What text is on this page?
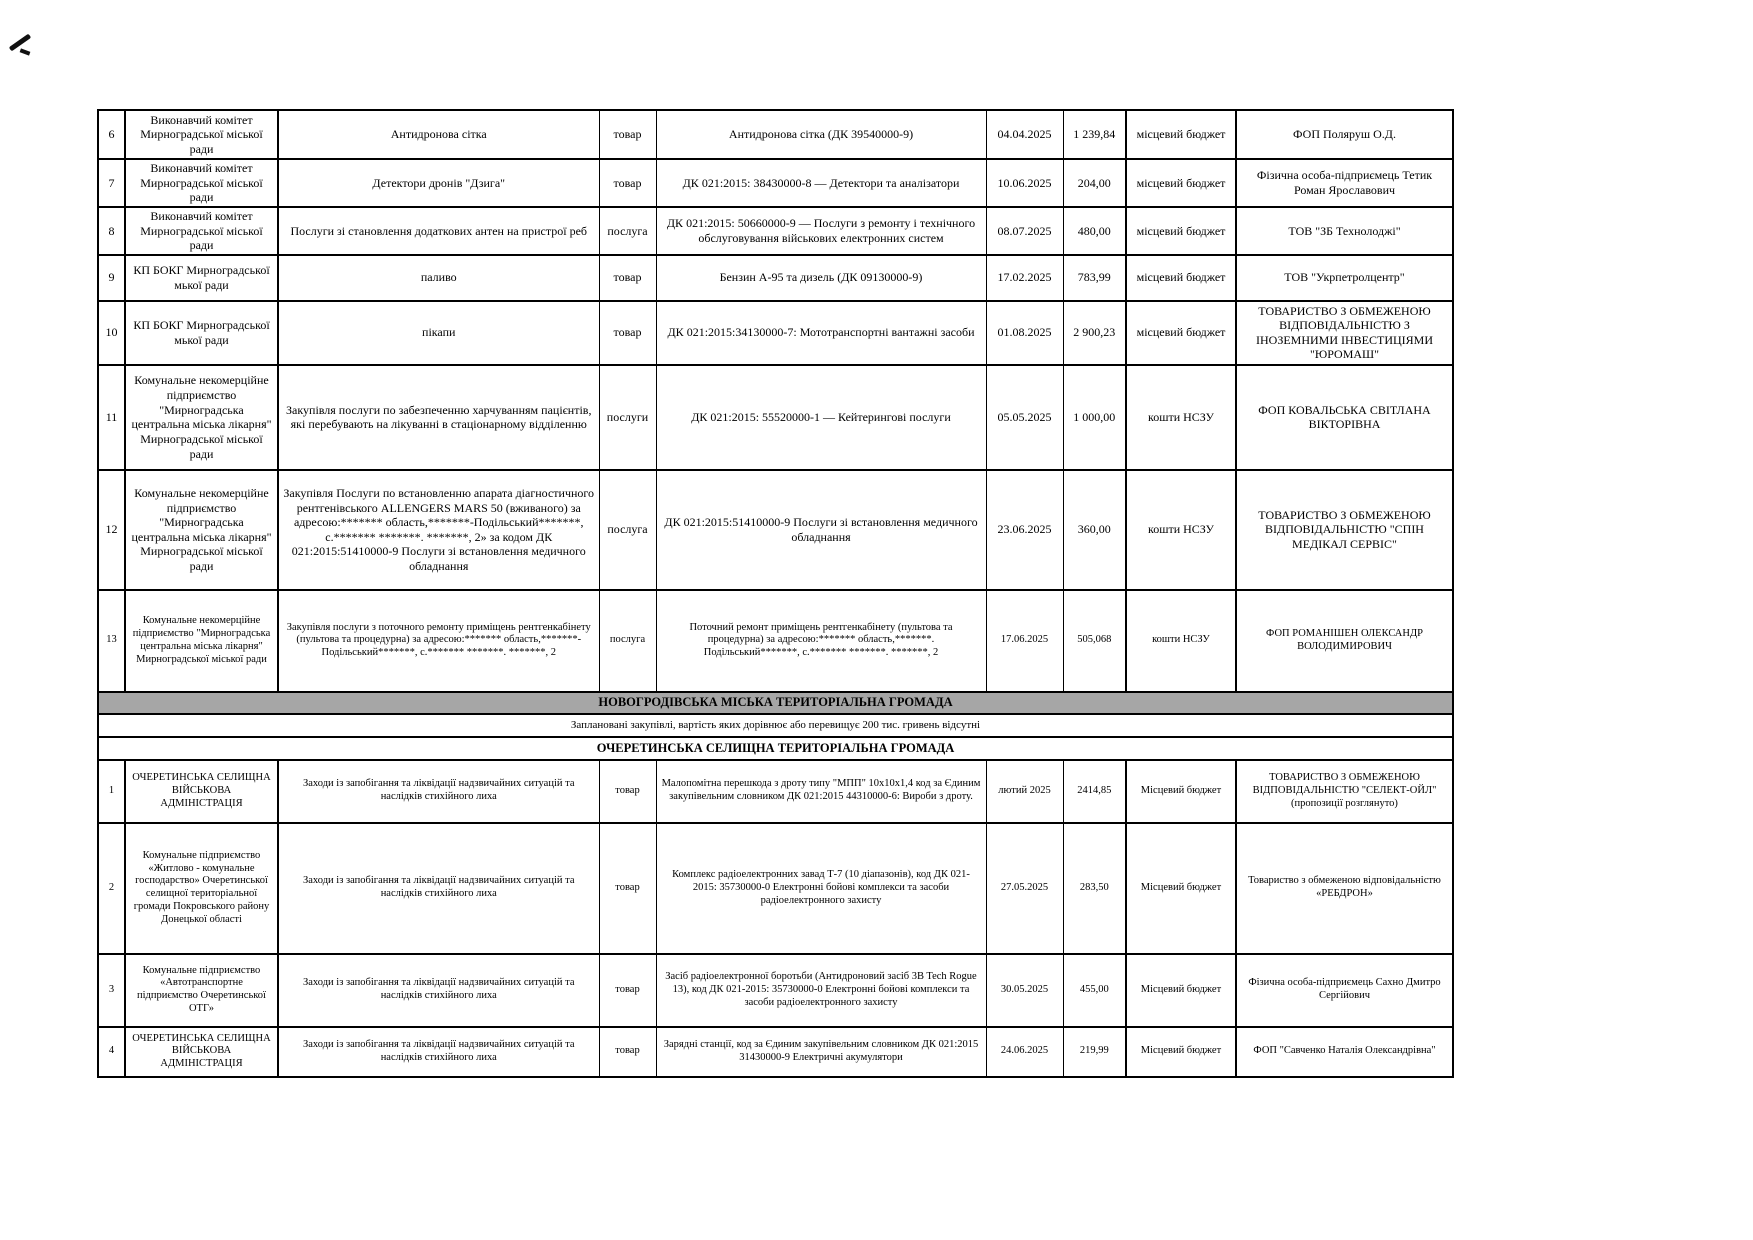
6	Виконавчий комітет Мирноградської міської ради	Антидронова сітка	товар	Антидронова сітка (ДК 39540000-9)	04.04.2025	1 239,84	місцевий бюджет	ФОП Поляруш О.Д.
7	Виконавчий комітет Мирноградської міської ради	Детектори дронів "Дзига"	товар	ДК 021:2015: 38430000-8 — Детектори та аналізатори	10.06.2025	204,00	місцевий бюджет	Фізична особа-підприємець Тетик Роман Ярославович
8	Виконавчий комітет Мирноградської міської ради	Послуги зі становлення додаткових антен на пристрої реб	послуга	ДК 021:2015: 50660000-9 — Послуги з ремонту і технічного обслуговування військових електронних систем	08.07.2025	480,00	місцевий бюджет	ТОВ "ЗБ Технолоджі"
9	КП БОКГ Мирноградської мької ради	паливо	товар	Бензин А-95 та дизель (ДК 09130000-9)	17.02.2025	783,99	місцевий бюджет	ТОВ "Укрпетролцентр"
10	КП БОКГ Мирноградської мької ради	пікапи	товар	ДК 021:2015:34130000-7: Мототранспортні вантажні засоби	01.08.2025	2 900,23	місцевий бюджет	ТОВАРИСТВО З ОБМЕЖЕНОЮ ВІДПОВІДАЛЬНІСТЮ З ІНОЗЕМНИМИ ІНВЕСТИЦІЯМИ "ЮРОМАШ"
11	Комунальне некомерційне підприємство "Мирноградська центральна міська лікарня" Мирноградської міської ради	Закупівля послуги по забезпеченню харчуванням пацієнтів, які перебувають на лікуванні в стаціонарному відділенню	послуги	ДК 021:2015: 55520000-1 — Кейтерингові послуги	05.05.2025	1 000,00	кошти НСЗУ	ФОП КОВАЛЬСЬКА СВІТЛАНА ВІКТОРІВНА
12	Комунальне некомерційне підприємство "Мирноградська центральна міська лікарня" Мирноградської міської ради	Закупівля Послуги по встановленню апарата діагностичного рентгенівського ALLENGERS MARS 50 (вживаного) за адресою:******* область,*******-Подільський*******, с.******* *******. *******, 2» за кодом ДК 021:2015:51410000-9 Послуги зі встановлення медичного обладнання	послуга	ДК 021:2015:51410000-9 Послуги зі встановлення медичного обладнання	23.06.2025	360,00	кошти НСЗУ	ТОВАРИСТВО З ОБМЕЖЕНОЮ ВІДПОВІДАЛЬНІСТЮ "СПІН МЕДІКАЛ СЕРВІС"
13	Комунальне некомерційне підприємство "Мирноградська центральна міська лікарня" Мирноградської міської ради	Закупівля послуги з поточного ремонту приміщень рентгенкабінету (пультова та процедурна) за адресою:******* область,*******-Подільський*******, с.******* *******. *******, 2	послуга	Поточний ремонт приміщень рентгенкабінету (пультова та процедурна) за адресою:******* область,*******. Подільський*******, с.******* *******. *******, 2	17.06.2025	505,068	кошти НСЗУ	ФОП РОМАНІШЕН ОЛЕКСАНДР ВОЛОДИМИРОВИЧ
НОВОГРОДІВСЬКА МІСЬКА ТЕРИТОРІАЛЬНА ГРОМАДА								
Заплановані закупівлі, вартість яких дорівнює або перевищує 200 тис. гривень відсутні								
ОЧЕРЕТИНСЬКА СЕЛИЩНА ТЕРИТОРІАЛЬНА ГРОМАДА								
1	ОЧЕРЕТИНСЬКА СЕЛИЩНА ВІЙСЬКОВА АДМІНІСТРАЦІЯ	Заходи із запобігання та ліквідації надзвичайних ситуацій та наслідків стихійного лиха	товар	Малопомітна перешкода з дроту типу "МПП" 10х10х1,4 код за Єдиним закупівельним словником ДК 021:2015 44310000-6: Вироби з дроту.	лютий 2025	2414,85	Місцевий бюджет	ТОВАРИСТВО З ОБМЕЖЕНОЮ ВІДПОВІДАЛЬНІСТЮ "СЕЛЕКТ-ОЙЛ" (пропозиції розглянуто)
2	Комунальне підприємство «Житлово - комунальне господарство» Очеретинської селищної територіальної громади Покровського району Донецької області	Заходи із запобігання та ліквідації надзвичайних ситуацій та наслідків стихійного лиха	товар	Комплекс радіоелектронних завад Т-7 (10 діапазонів), код ДК 021-2015: 35730000-0 Електронні бойові комплекси та засоби радіоелектронного захисту	27.05.2025	283,50	Місцевий бюджет	Товариство з обмеженою відповідальністю «РЕБДРОН»
3	Комунальне підприємство «Автотранспортне підприємство Очеретинської ОТГ»	Заходи із запобігання та ліквідації надзвичайних ситуацій та наслідків стихійного лиха	товар	Засіб радіоелектронної боротьби (Антидроновий засіб 3B Tech Rogue 13), код ДК 021-2015: 35730000-0 Електронні бойові комплекси та засоби радіоелектронного захисту	30.05.2025	455,00	Місцевий бюджет	Фізична особа-підприємець Сахно Дмитро Сергійович
4	ОЧЕРЕТИНСЬКА СЕЛИЩНА ВІЙСЬКОВА АДМІНІСТРАЦІЯ	Заходи із запобігання та ліквідації надзвичайних ситуацій та наслідків стихійного лиха	товар	Зарядні станції, код за Єдиним закупівельним словником ДК 021:2015 31430000-9 Електричні акумулятори	24.06.2025	219,99	Місцевий бюджет	ФОП "Савченко Наталія Олександрівна"
